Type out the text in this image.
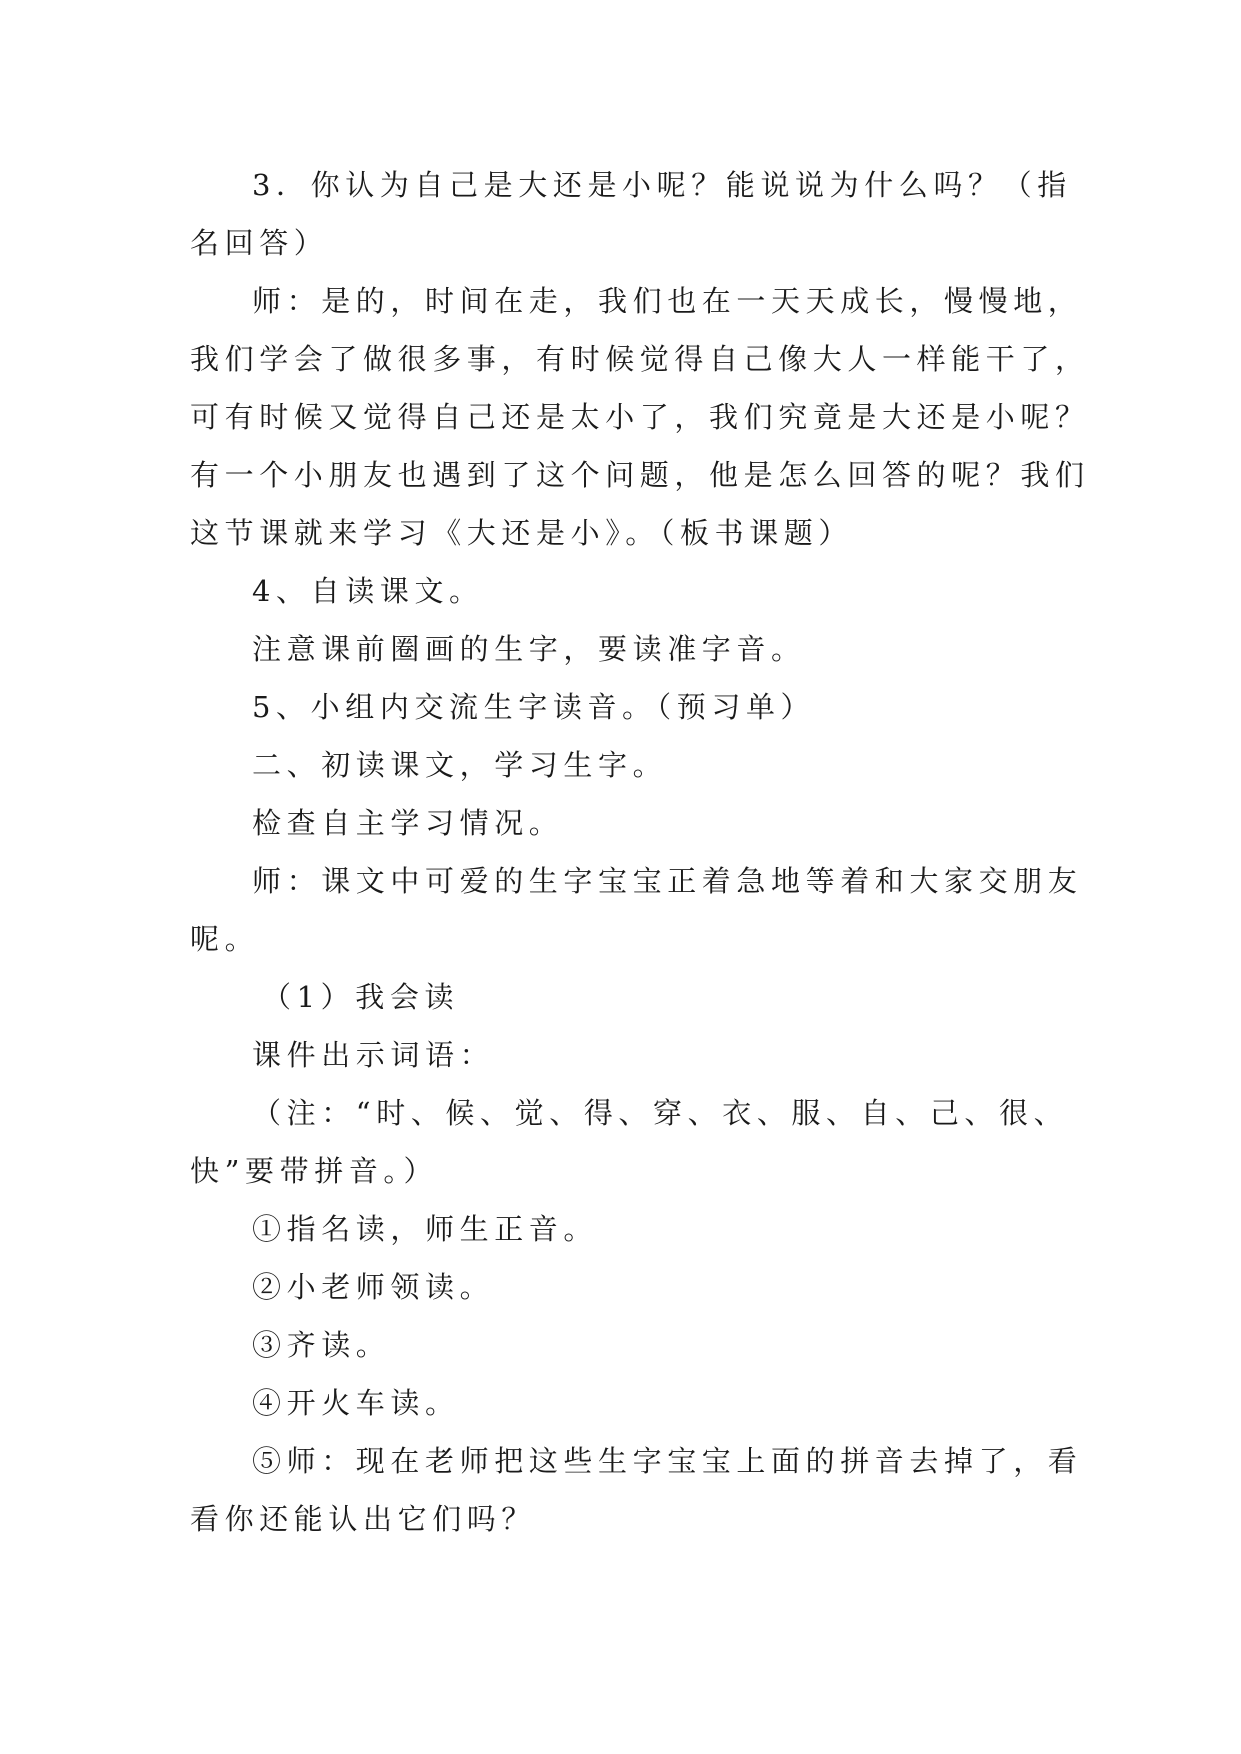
3．你认为自己是大还是小呢？能说说为什么吗？（指
名回答）
师：是的，时间在走，我们也在一天天成长，慢慢地，
我们学会了做很多事，有时候觉得自己像大人一样能干了，
可有时候又觉得自己还是太小了，我们究竟是大还是小呢？
有一个小朋友也遇到了这个问题，他是怎么回答的呢？我们
这节课就来学习《大还是小》。（板书课题）
4、自读课文。
注意课前圈画的生字，要读准字音。
5、小组内交流生字读音。（预习单）
二、初读课文，学习生字。
检查自主学习情况。
师：课文中可爱的生字宝宝正着急地等着和大家交朋友
呢。
（1）我会读
课件出示词语：
（注：“时、候、觉、得、穿、衣、服、自、己、很、
快”要带拼音。）
①指名读，师生正音。
②小老师领读。
③齐读。
④开火车读。
⑤师：现在老师把这些生字宝宝上面的拼音去掉了，看
看你还能认出它们吗？
